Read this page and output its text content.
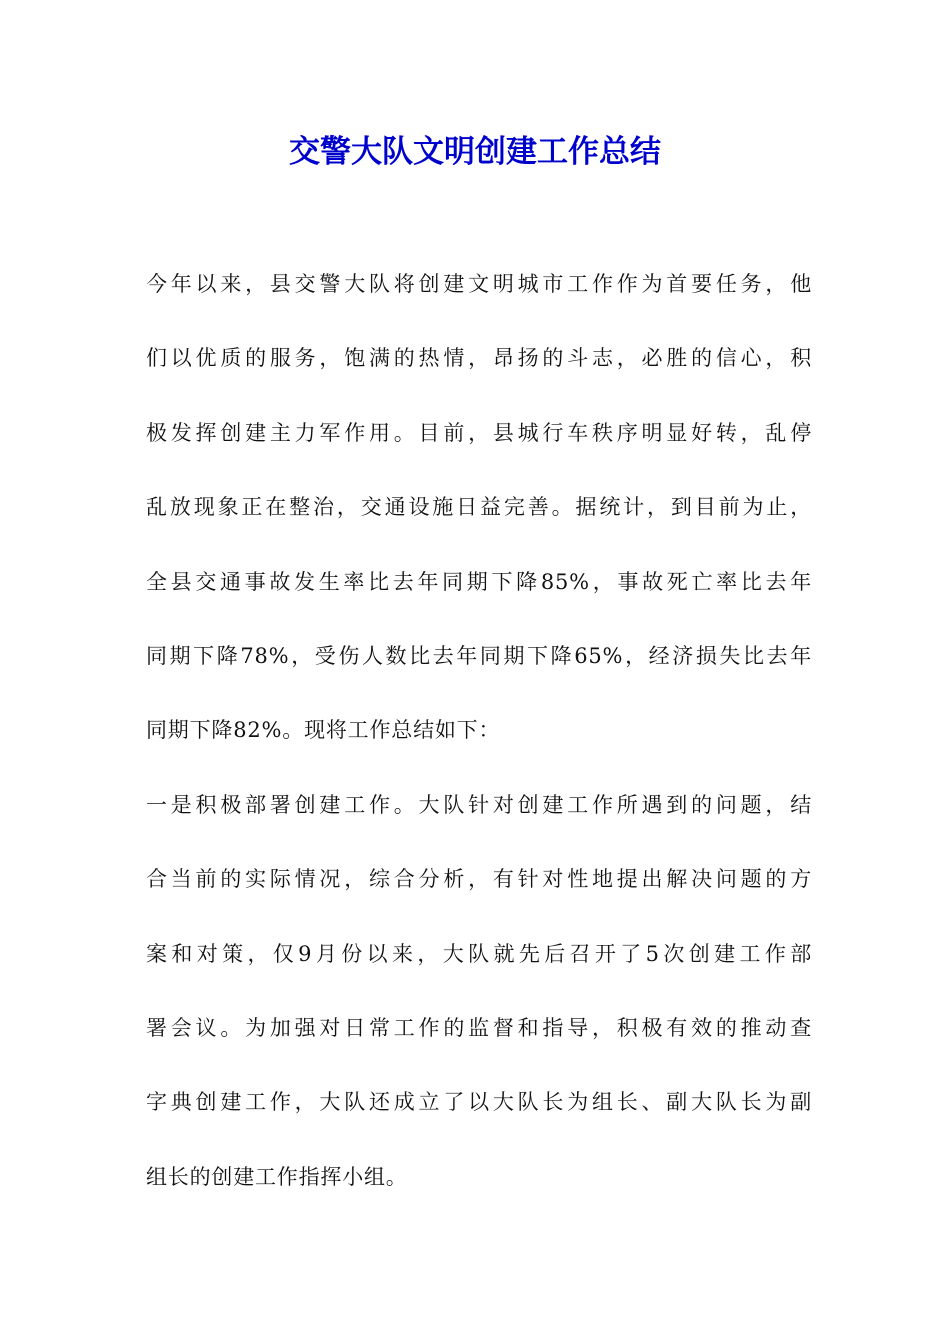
交警大队文明创建工作总结
今年以来，县交警大队将创建文明城市工作作为首要任务，他
们以优质的服务，饱满的热情，昂扬的斗志，必胜的信心，积
极发挥创建主力军作用。目前，县城行车秩序明显好转，乱停
乱放现象正在整治，交通设施日益完善。据统计，到目前为止，
全县交通事故发生率比去年同期下降85%，事故死亡率比去年
同期下降78%，受伤人数比去年同期下降65%，经济损失比去年
同期下降82%。现将工作总结如下：
一是积极部署创建工作。大队针对创建工作所遇到的问题，结
合当前的实际情况，综合分析，有针对性地提出解决问题的方
案和对策，仅9月份以来，大队就先后召开了5次创建工作部
署会议。为加强对日常工作的监督和指导，积极有效的推动查
字典创建工作，大队还成立了以大队长为组长、副大队长为副
组长的创建工作指挥小组。
